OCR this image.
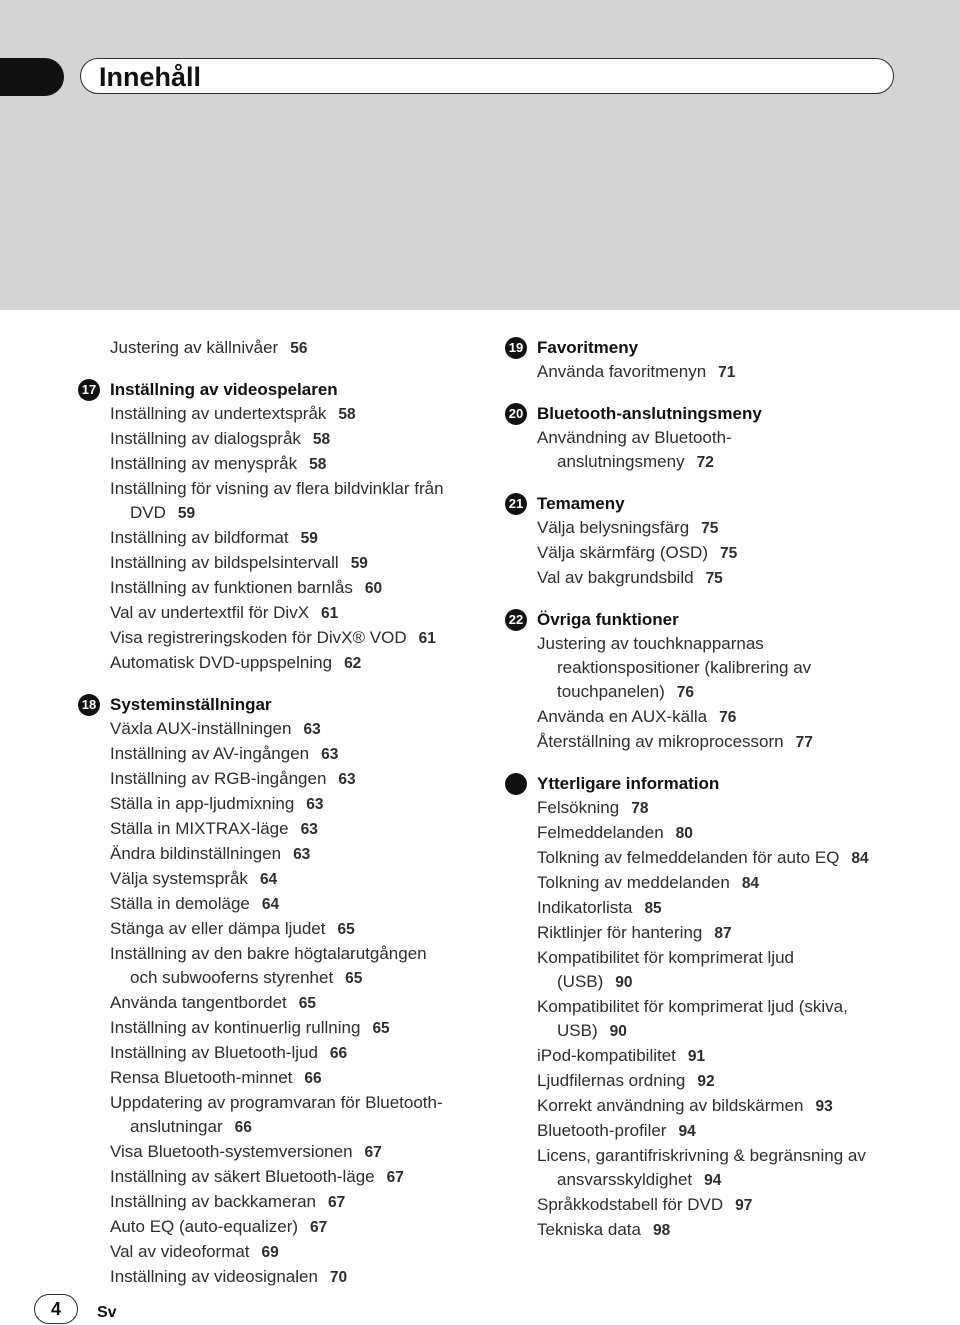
Innehåll
Justering av källnivåer 56
17 Inställning av videospelaren
Inställning av undertextspråk 58
Inställning av dialogspråk 58
Inställning av menyspråk 58
Inställning för visning av flera bildvinklar från
DVD 59
Inställning av bildformat 59
Inställning av bildspelsintervall 59
Inställning av funktionen barnlås 60
Val av undertextfil för DivX 61
Visa registreringskoden för DivX® VOD 61
Automatisk DVD-uppspelning 62
18 Systeminställningar
Växla AUX-inställningen 63
Inställning av AV-ingången 63
Inställning av RGB-ingången 63
Ställa in app-ljudmixning 63
Ställa in MIXTRAX-läge 63
Ändra bildinställningen 63
Välja systemspråk 64
Ställa in demoläge 64
Stänga av eller dämpa ljudet 65
Inställning av den bakre högtalarutgången
och subwooferns styrenhet 65
Använda tangentbordet 65
Inställning av kontinuerlig rullning 65
Inställning av Bluetooth-ljud 66
Rensa Bluetooth-minnet 66
Uppdatering av programvaran för Bluetooth-
anslutningar 66
Visa Bluetooth-systemversionen 67
Inställning av säkert Bluetooth-läge 67
Inställning av backkameran 67
Auto EQ (auto-equalizer) 67
Val av videoformat 69
Inställning av videosignalen 70
19 Favoritmeny
Använda favoritmenyn 71
20 Bluetooth-anslutningsmeny
Användning av Bluetooth-
anslutningsmeny 72
21 Temameny
Välja belysningsfärg 75
Välja skärmfärg (OSD) 75
Val av bakgrundsbild 75
22 Övriga funktioner
Justering av touchknapparnas
reaktionspositioner (kalibrering av
touchpanelen) 76
Använda en AUX-källa 76
Återställning av mikroprocessorn 77
Ytterligare information
Felsökning 78
Felmeddelanden 80
Tolkning av felmeddelanden för auto EQ 84
Tolkning av meddelanden 84
Indikatorlista 85
Riktlinjer för hantering 87
Kompatibilitet för komprimerat ljud
(USB) 90
Kompatibilitet för komprimerat ljud (skiva,
USB) 90
iPod-kompatibilitet 91
Ljudfilernas ordning 92
Korrekt användning av bildskärmen 93
Bluetooth-profiler 94
Licens, garantifriskrivning & begränsning av
ansvarsskyldighet 94
Språkkodstabell för DVD 97
Tekniska data 98
4	Sv
